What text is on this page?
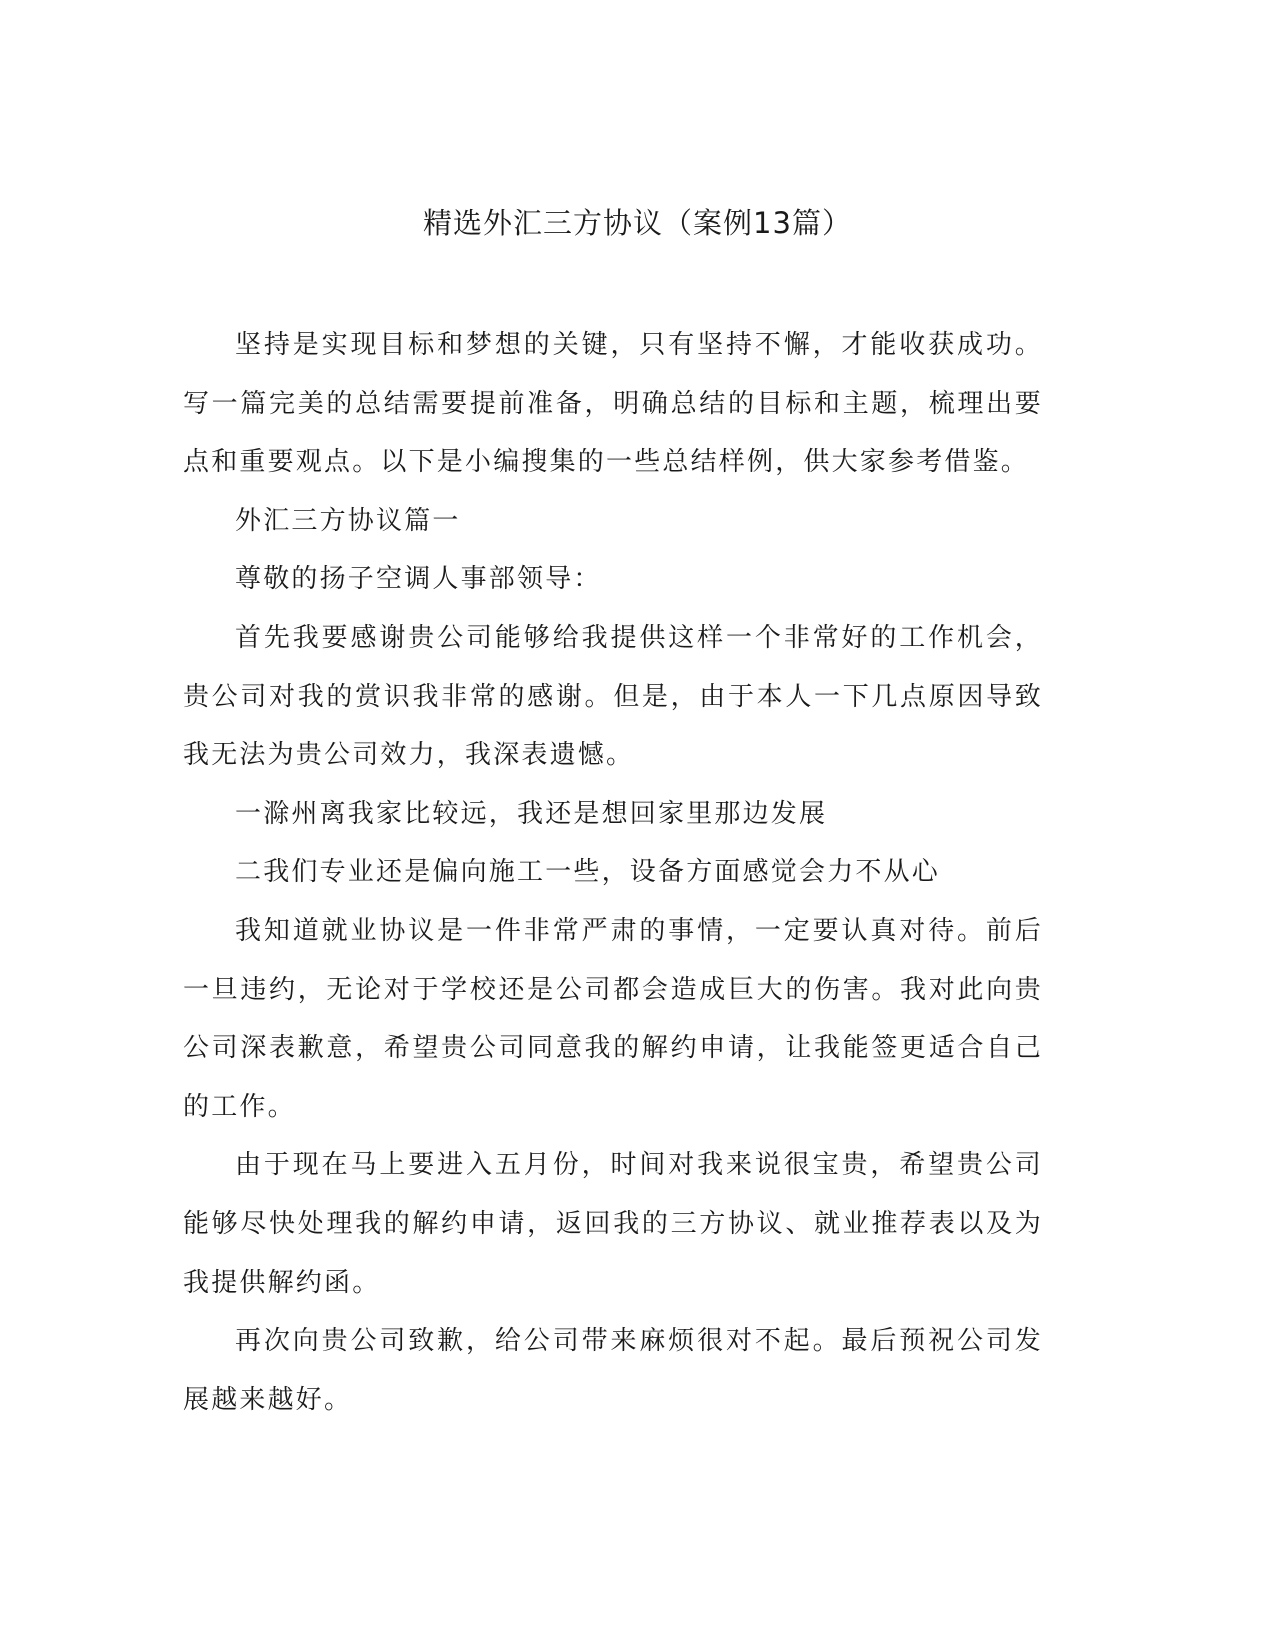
精选外汇三方协议（案例13篇）

坚持是实现目标和梦想的关键，只有坚持不懈，才能收获成功。写一篇完美的总结需要提前准备，明确总结的目标和主题，梳理出要点和重要观点。以下是小编搜集的一些总结样例，供大家参考借鉴。

外汇三方协议篇一

尊敬的扬子空调人事部领导：

首先我要感谢贵公司能够给我提供这样一个非常好的工作机会，贵公司对我的赏识我非常的感谢。但是，由于本人一下几点原因导致我无法为贵公司效力，我深表遗憾。

一滁州离我家比较远，我还是想回家里那边发展

二我们专业还是偏向施工一些，设备方面感觉会力不从心

我知道就业协议是一件非常严肃的事情，一定要认真对待。前后一旦违约，无论对于学校还是公司都会造成巨大的伤害。我对此向贵公司深表歉意，希望贵公司同意我的解约申请，让我能签更适合自己的工作。

由于现在马上要进入五月份，时间对我来说很宝贵，希望贵公司能够尽快处理我的解约申请，返回我的三方协议、就业推荐表以及为我提供解约函。

再次向贵公司致歉，给公司带来麻烦很对不起。最后预祝公司发展越来越好。
